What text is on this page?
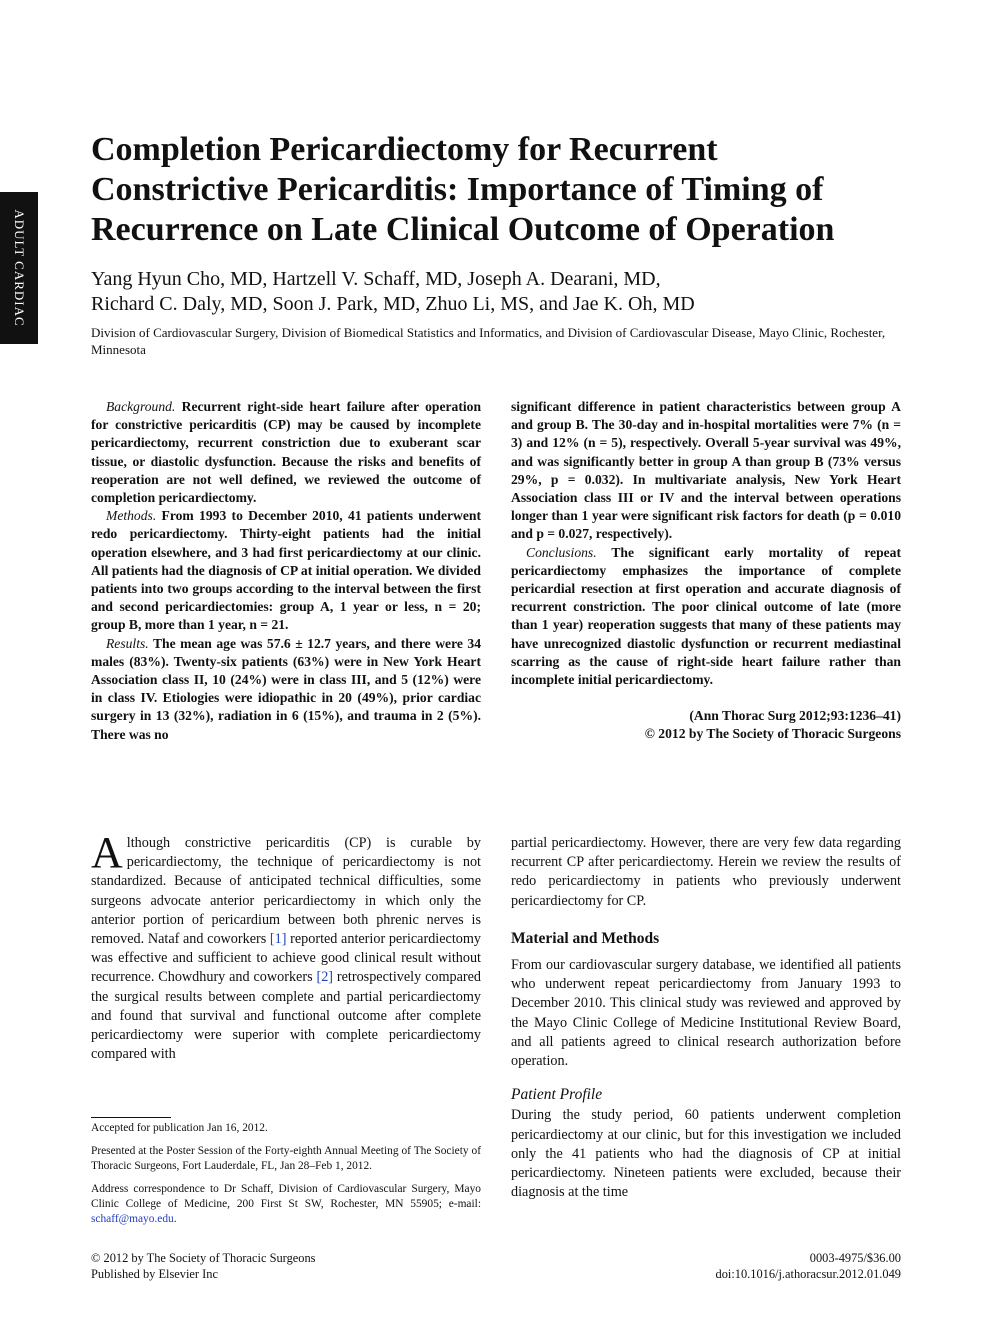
ADULT CARDIAC
Completion Pericardiectomy for Recurrent
Constrictive Pericarditis: Importance of Timing of
Recurrence on Late Clinical Outcome of Operation
Yang Hyun Cho, MD, Hartzell V. Schaff, MD, Joseph A. Dearani, MD,
Richard C. Daly, MD, Soon J. Park, MD, Zhuo Li, MS, and Jae K. Oh, MD
Division of Cardiovascular Surgery, Division of Biomedical Statistics and Informatics, and Division of Cardiovascular Disease, Mayo Clinic, Rochester, Minnesota

Background. Recurrent right-side heart failure after operation for constrictive pericarditis (CP) may be caused by incomplete pericardiectomy, recurrent constriction due to exuberant scar tissue, or diastolic dysfunction. Because the risks and benefits of reoperation are not well defined, we reviewed the outcome of completion pericardiectomy.

Methods. From 1993 to December 2010, 41 patients underwent redo pericardiectomy. Thirty-eight patients had the initial operation elsewhere, and 3 had first pericardiectomy at our clinic. All patients had the diagnosis of CP at initial operation. We divided patients into two groups according to the interval between the first and second pericardiectomies: group A, 1 year or less, n = 20; group B, more than 1 year, n = 21.

Results. The mean age was 57.6 ± 12.7 years, and there were 34 males (83%). Twenty-six patients (63%) were in New York Heart Association class II, 10 (24%) were in class III, and 5 (12%) were in class IV. Etiologies were idiopathic in 20 (49%), prior cardiac surgery in 13 (32%), radiation in 6 (15%), and trauma in 2 (5%). There was no

significant difference in patient characteristics between group A and group B. The 30-day and in-hospital mortalities were 7% (n = 3) and 12% (n = 5), respectively. Overall 5-year survival was 49%, and was significantly better in group A than group B (73% versus 29%, p = 0.032). In multivariate analysis, New York Heart Association class III or IV and the interval between operations longer than 1 year were significant risk factors for death (p = 0.010 and p = 0.027, respectively).

Conclusions. The significant early mortality of repeat pericardiectomy emphasizes the importance of complete pericardial resection at first operation and accurate diagnosis of recurrent constriction. The poor clinical outcome of late (more than 1 year) reoperation suggests that many of these patients may have unrecognized diastolic dysfunction or recurrent mediastinal scarring as the cause of right-side heart failure rather than incomplete initial pericardiectomy.

(Ann Thorac Surg 2012;93:1236–41)
© 2012 by The Society of Thoracic Surgeons

Although constrictive pericarditis (CP) is curable by pericardiectomy, the technique of pericardiectomy is not standardized. Because of anticipated technical difficulties, some surgeons advocate anterior pericardiectomy in which only the anterior portion of pericardium between both phrenic nerves is removed. Nataf and coworkers [1] reported anterior pericardiectomy was effective and sufficient to achieve good clinical result without recurrence. Chowdhury and coworkers [2] retrospectively compared the surgical results between complete and partial pericardiectomy and found that survival and functional outcome after complete pericardiectomy were superior with complete pericardiectomy compared with

partial pericardiectomy. However, there are very few data regarding recurrent CP after pericardiectomy. Herein we review the results of redo pericardiectomy in patients who previously underwent pericardiectomy for CP.

Material and Methods

From our cardiovascular surgery database, we identified all patients who underwent repeat pericardiectomy from January 1993 to December 2010. This clinical study was reviewed and approved by the Mayo Clinic College of Medicine Institutional Review Board, and all patients agreed to clinical research authorization before operation.

Patient Profile

During the study period, 60 patients underwent completion pericardiectomy at our clinic, but for this investigation we included only the 41 patients who had the diagnosis of CP at initial pericardiectomy. Nineteen patients were excluded, because their diagnosis at the time

Accepted for publication Jan 16, 2012.

Presented at the Poster Session of the Forty-eighth Annual Meeting of The Society of Thoracic Surgeons, Fort Lauderdale, FL, Jan 28–Feb 1, 2012.

Address correspondence to Dr Schaff, Division of Cardiovascular Surgery, Mayo Clinic College of Medicine, 200 First St SW, Rochester, MN 55905; e-mail: schaff@mayo.edu.

© 2012 by The Society of Thoracic Surgeons
Published by Elsevier Inc
0003-4975/$36.00
doi:10.1016/j.athoracsur.2012.01.049
